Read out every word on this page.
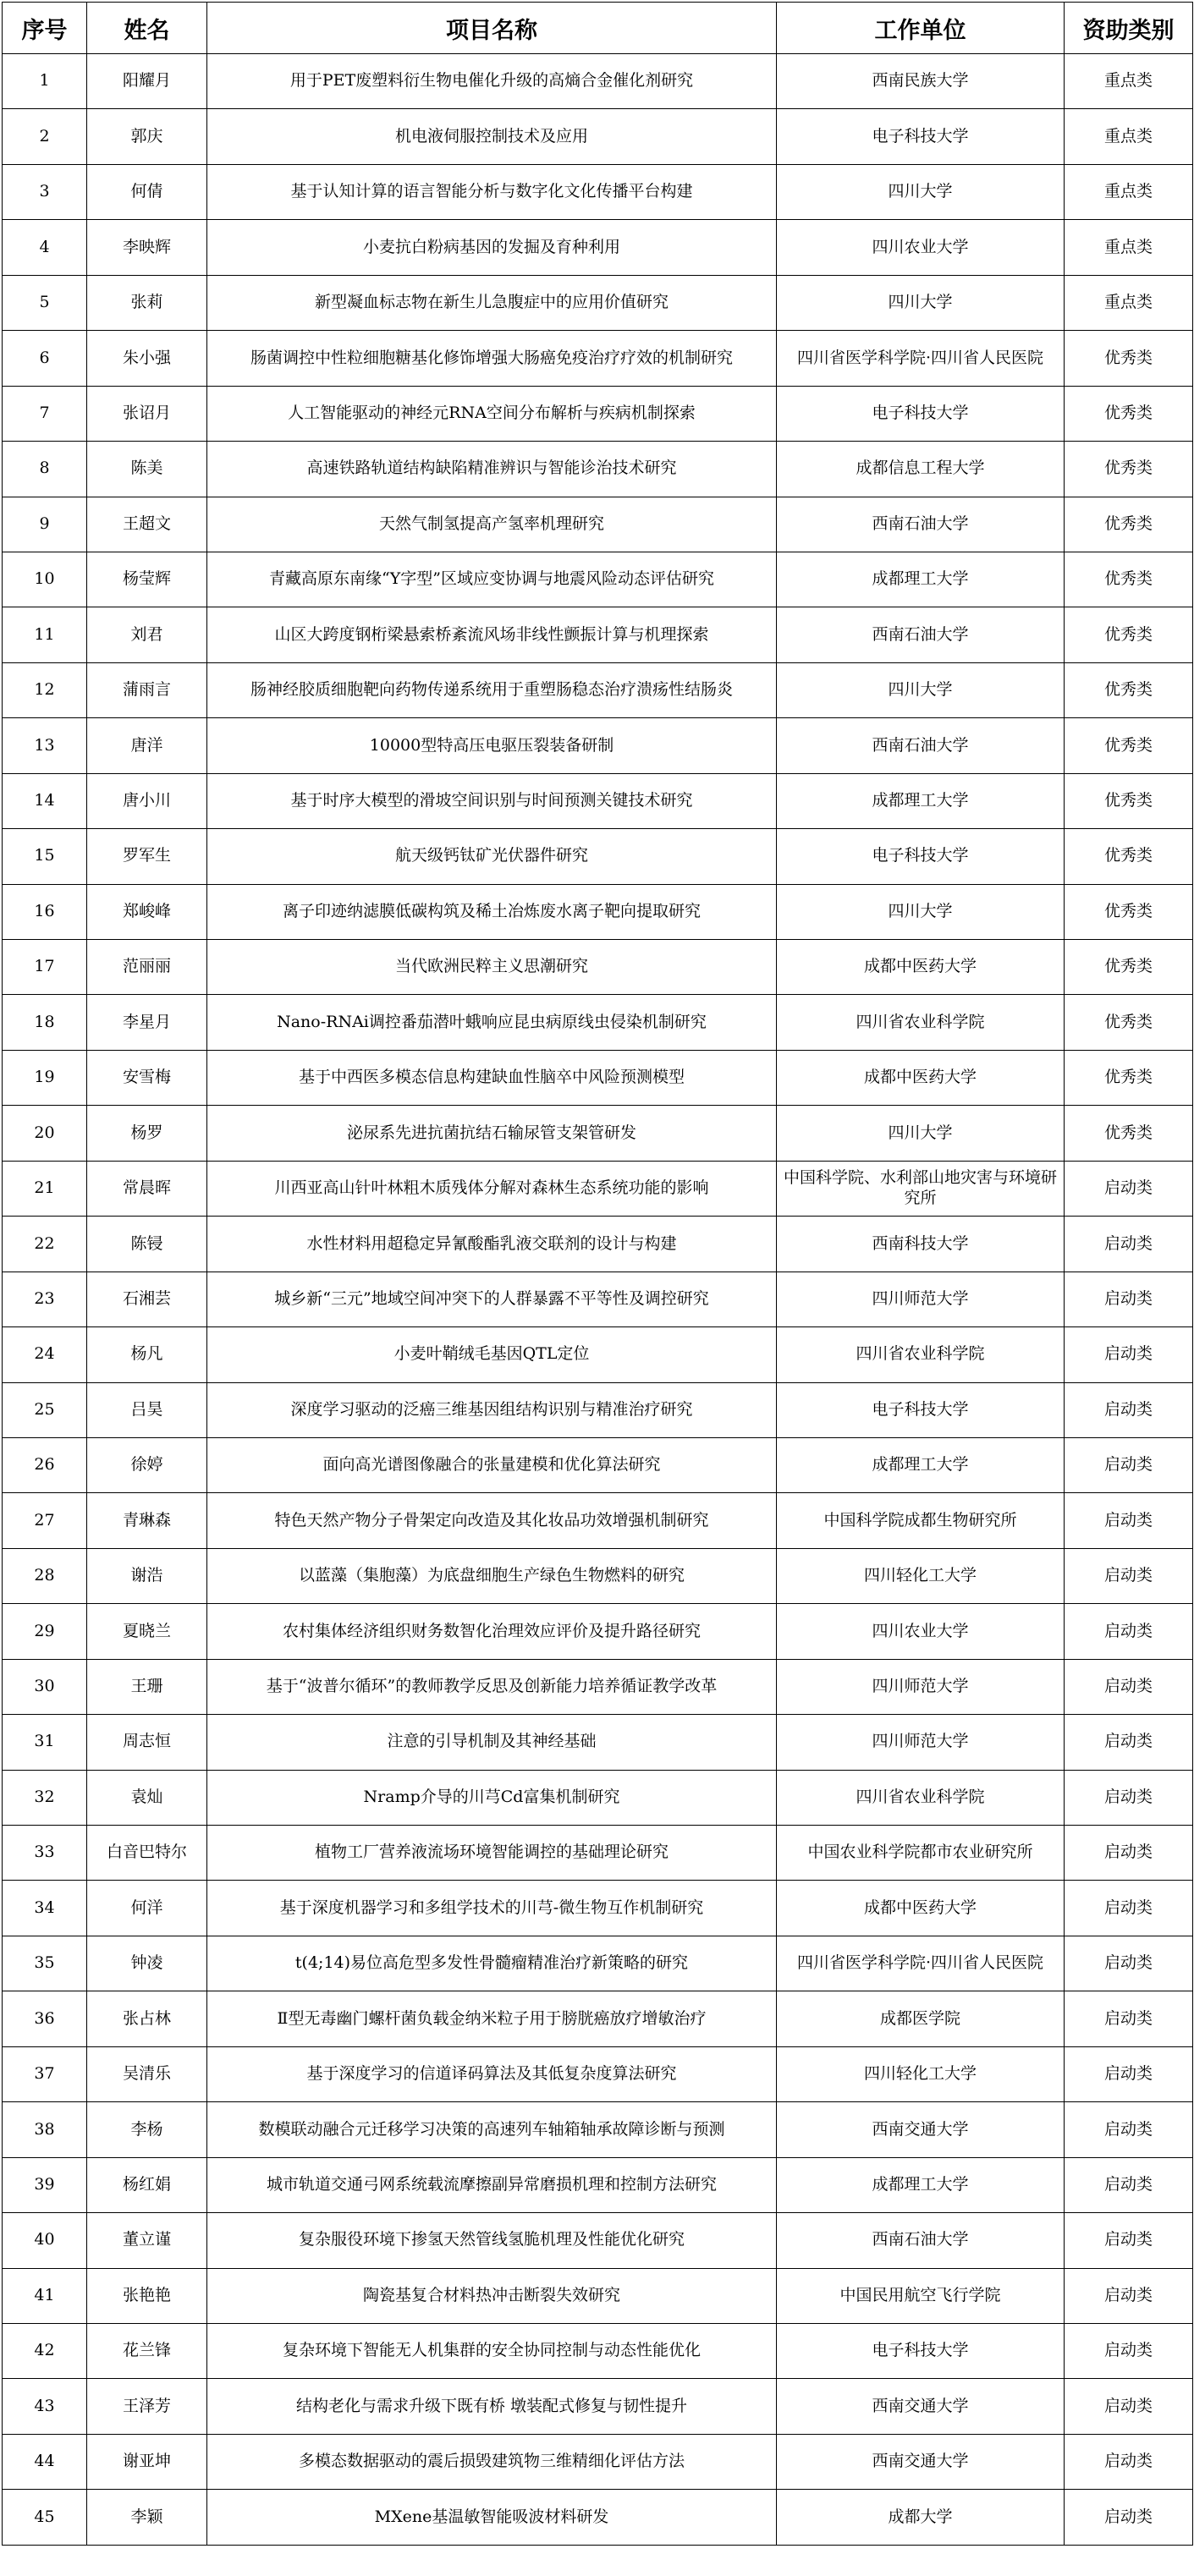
序号	姓名	项目名称	工作单位	资助类别
1	阳耀月	用于PET废塑料衍生物电催化升级的高熵合金催化剂研究	西南民族大学	重点类
2	郭庆	机电液伺服控制技术及应用	电子科技大学	重点类
3	何倩	基于认知计算的语言智能分析与数字化文化传播平台构建	四川大学	重点类
4	李映辉	小麦抗白粉病基因的发掘及育种利用	四川农业大学	重点类
5	张莉	新型凝血标志物在新生儿急腹症中的应用价值研究	四川大学	重点类
6	朱小强	肠菌调控中性粒细胞糖基化修饰增强大肠癌免疫治疗疗效的机制研究	四川省医学科学院·四川省人民医院	优秀类
7	张诏月	人工智能驱动的神经元RNA空间分布解析与疾病机制探索	电子科技大学	优秀类
8	陈美	高速铁路轨道结构缺陷精准辨识与智能诊治技术研究	成都信息工程大学	优秀类
9	王超文	天然气制氢提高产氢率机理研究	西南石油大学	优秀类
10	杨莹辉	青藏高原东南缘“Y字型”区域应变协调与地震风险动态评估研究	成都理工大学	优秀类
11	刘君	山区大跨度钢桁梁悬索桥紊流风场非线性颤振计算与机理探索	西南石油大学	优秀类
12	蒲雨言	肠神经胶质细胞靶向药物传递系统用于重塑肠稳态治疗溃疡性结肠炎	四川大学	优秀类
13	唐洋	10000型特高压电驱压裂装备研制	西南石油大学	优秀类
14	唐小川	基于时序大模型的滑坡空间识别与时间预测关键技术研究	成都理工大学	优秀类
15	罗军生	航天级钙钛矿光伏器件研究	电子科技大学	优秀类
16	郑峻峰	离子印迹纳滤膜低碳构筑及稀土冶炼废水离子靶向提取研究	四川大学	优秀类
17	范丽丽	当代欧洲民粹主义思潮研究	成都中医药大学	优秀类
18	李星月	Nano-RNAi调控番茄潜叶蛾响应昆虫病原线虫侵染机制研究	四川省农业科学院	优秀类
19	安雪梅	基于中西医多模态信息构建缺血性脑卒中风险预测模型	成都中医药大学	优秀类
20	杨罗	泌尿系先进抗菌抗结石输尿管支架管研发	四川大学	优秀类
21	常晨晖	川西亚高山针叶林粗木质残体分解对森林生态系统功能的影响	中国科学院、水利部山地灾害与环境研究所	启动类
22	陈锓	水性材料用超稳定异氰酸酯乳液交联剂的设计与构建	西南科技大学	启动类
23	石湘芸	城乡新“三元”地域空间冲突下的人群暴露不平等性及调控研究	四川师范大学	启动类
24	杨凡	小麦叶鞘绒毛基因QTL定位	四川省农业科学院	启动类
25	吕昊	深度学习驱动的泛癌三维基因组结构识别与精准治疗研究	电子科技大学	启动类
26	徐婷	面向高光谱图像融合的张量建模和优化算法研究	成都理工大学	启动类
27	青琳森	特色天然产物分子骨架定向改造及其化妆品功效增强机制研究	中国科学院成都生物研究所	启动类
28	谢浩	以蓝藻（集胞藻）为底盘细胞生产绿色生物燃料的研究	四川轻化工大学	启动类
29	夏晓兰	农村集体经济组织财务数智化治理效应评价及提升路径研究	四川农业大学	启动类
30	王珊	基于“波普尔循环”的教师教学反思及创新能力培养循证教学改革	四川师范大学	启动类
31	周志恒	注意的引导机制及其神经基础	四川师范大学	启动类
32	袁灿	Nramp介导的川芎Cd富集机制研究	四川省农业科学院	启动类
33	白音巴特尔	植物工厂营养液流场环境智能调控的基础理论研究	中国农业科学院都市农业研究所	启动类
34	何洋	基于深度机器学习和多组学技术的川芎-微生物互作机制研究	成都中医药大学	启动类
35	钟凌	t(4;14)易位高危型多发性骨髓瘤精准治疗新策略的研究	四川省医学科学院·四川省人民医院	启动类
36	张占林	Ⅱ型无毒幽门螺杆菌负载金纳米粒子用于膀胱癌放疗增敏治疗	成都医学院	启动类
37	吴清乐	基于深度学习的信道译码算法及其低复杂度算法研究	四川轻化工大学	启动类
38	李杨	数模联动融合元迁移学习决策的高速列车轴箱轴承故障诊断与预测	西南交通大学	启动类
39	杨红娟	城市轨道交通弓网系统载流摩擦副异常磨损机理和控制方法研究	成都理工大学	启动类
40	董立谨	复杂服役环境下掺氢天然管线氢脆机理及性能优化研究	西南石油大学	启动类
41	张艳艳	陶瓷基复合材料热冲击断裂失效研究	中国民用航空飞行学院	启动类
42	花兰锋	复杂环境下智能无人机集群的安全协同控制与动态性能优化	电子科技大学	启动类
43	王泽芳	结构老化与需求升级下既有桥 墩装配式修复与韧性提升	西南交通大学	启动类
44	谢亚坤	多模态数据驱动的震后损毁建筑物三维精细化评估方法	西南交通大学	启动类
45	李颖	MXene基温敏智能吸波材料研发	成都大学	启动类
